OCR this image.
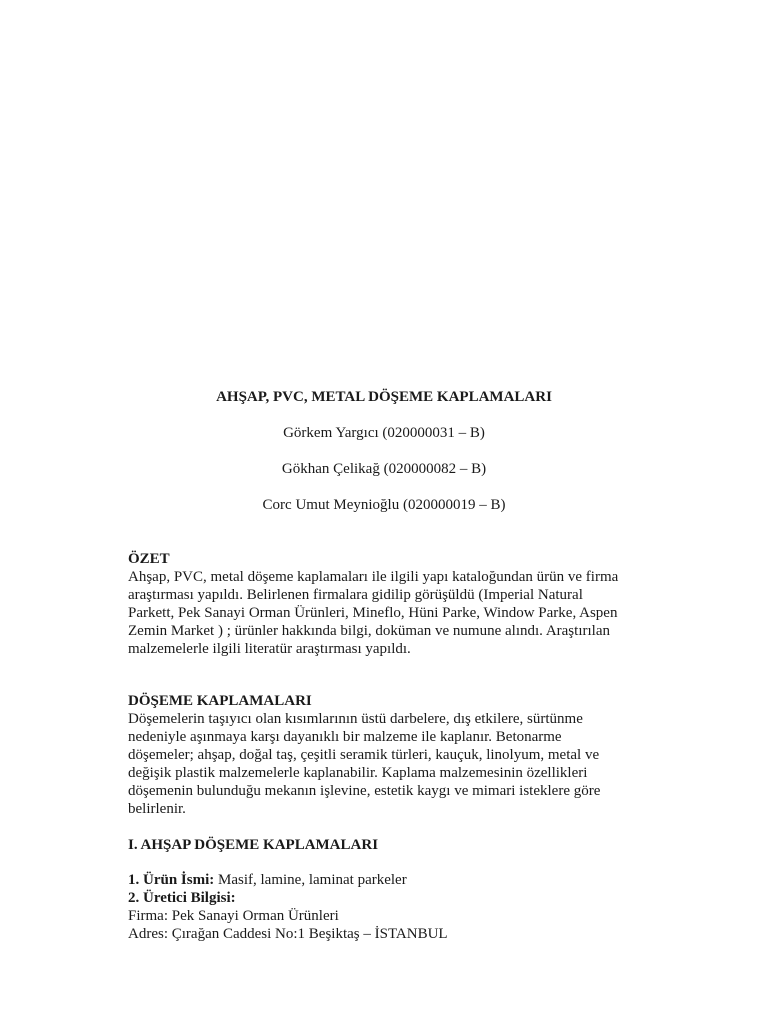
AHŞAP, PVC, METAL DÖŞEME KAPLAMALARI
Görkem Yargıcı (020000031 – B)
Gökhan Çelikağ (020000082 – B)
Corc Umut Meynioğlu (020000019 – B)
ÖZET
Ahşap, PVC, metal döşeme kaplamaları ile ilgili yapı kataloğundan ürün ve firma
araştırması yapıldı. Belirlenen firmalara gidilip görüşüldü (Imperial Natural
Parkett, Pek Sanayi Orman Ürünleri, Mineflo, Hüni Parke, Window Parke, Aspen
Zemin Market ) ; ürünler hakkında bilgi, doküman ve numune alındı. Araştırılan
malzemelerle ilgili literatür araştırması yapıldı.
DÖŞEME KAPLAMALARI
Döşemelerin taşıyıcı olan kısımlarının üstü darbelere, dış etkilere, sürtünme
nedeniyle aşınmaya karşı dayanıklı bir malzeme ile kaplanır. Betonarme
döşemeler; ahşap, doğal taş, çeşitli seramik türleri, kauçuk, linolyum, metal ve
değişik plastik malzemelerle kaplanabilir. Kaplama malzemesinin özellikleri
döşemenin bulunduğu mekanın işlevine, estetik kaygı ve mimari isteklere göre
belirlenir.
I. AHŞAP DÖŞEME KAPLAMALARI
1. Ürün İsmi: Masif, lamine, laminat parkeler
2. Üretici Bilgisi:
Firma: Pek Sanayi Orman Ürünleri
Adres: Çırağan Caddesi No:1 Beşiktaş – İSTANBUL
